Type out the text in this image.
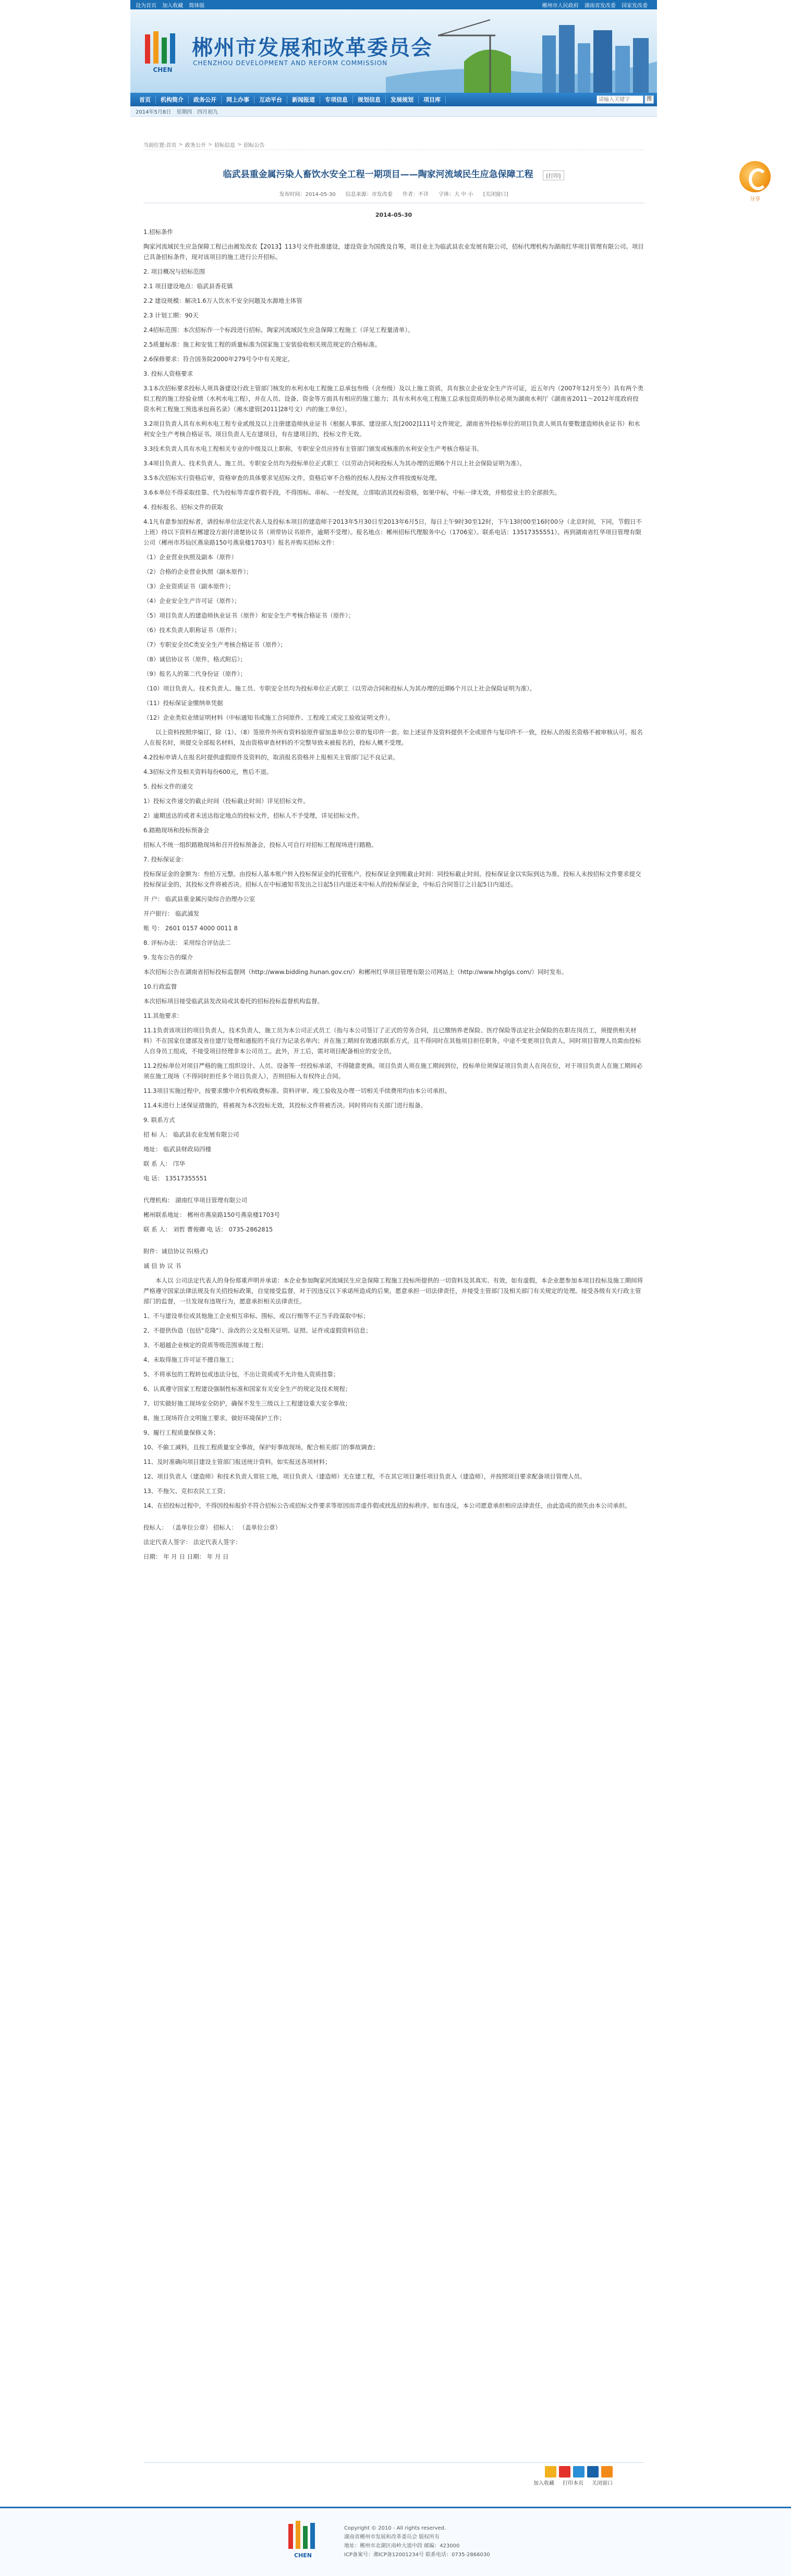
设为首页 加入收藏 简体版	郴州市人民政府 湖南省发改委 国家发改委
CHEN
郴州市发展和改革委员会
CHENZHOU DEVELOPMENT AND REFORM COMMISSION
首页	机构简介	政务公开	网上办事	互动平台	新闻报道	专项信息	规划信息	发展规划	项目库
请输入关键字	搜
2014年5月8日 星期四 四月初九
当前位置: 首页 > 政务公开 > 招标信息 > 招标公告
临武县重金属污染人畜饮水安全工程一期项目——陶家河流域民生应急保障工程 [打印]
发布时间：2014-05-30 信息来源：市发改委 作者：不详 字体：大 中 小 [关闭窗口]
2014-05-30

1.招标条件

陶家河流域民生应急保障工程已由湘发改农【2013】113号文件批准建设，建设资金为国拨及自筹，项目业主为临武县农业发展有限公司，招标代理机构为湖南红华项目管理有限公司。项目已具备招标条件，现对该项目的施工进行公开招标。

2. 项目概况与招标范围

2.1 项目建设地点：临武县香花镇

2.2 建设规模：解决1.6万人饮水不安全问题及水源地主体管

2.3 计划工期：90天

2.4招标范围：本次招标作一个标段进行招标，陶家河流域民生应急保障工程施工（详见工程量清单）。

2.5质量标准：施工和安装工程的质量标准为国家施工安装验收相关规范规定的合格标准。

2.6保修要求：符合国务院2000年279号令中有关规定。

3. 投标人资格要求

3.1本次招标要求投标人须具备建设行政主管部门核发的水利水电工程施工总承包叁级（含叁级）及以上施工资质，具有独立企业安全生产许可证，近五年内（2007年12月至今）具有两个类似工程的施工经验业绩（水利水电工程），并在人员、设备、资金等方面具有相应的施工能力；具有水利水电工程施工总承包资质的单位必须为湖南水利厅《湖南省2011～2012年度政府投资水利工程施工预选承包商名录》（湘水建管[2011]28号文）内的施工单位）。

3.2项目负责人具有水利水电工程专业贰级及以上注册建造师执业证书（根据人事部、建设部人发[2002]111号文件规定，湖南省外投标单位的项目负责人须具有要数建造师执业证书）和水利安全生产考核合格证书。项目负责人无在建项目，有在建项目的，投标文件无效。

3.3技术负责人具有水电工程相关专业的中级及以上职称，专职安全员应持有主管部门颁发或核准的水利安全生产考核合格证书。

3.4项目负责人、技术负责人、施工员、专职安全员均为投标单位正式职工（以劳动合同和投标人为其办理的近期6个月以上社会保险证明为准）。

3.5本次招标实行资格后审，资格审查的具体要求见招标文件。资格后审不合格的投标人投标文件将按废标处理。

3.6本单位不得采取挂靠、代为投标等弄虚作假手段，不得围标、串标、一经发现，立即取消其投标资格，如果中标，中标一律无效，并赔偿业主的全部损失。

4. 投标报名、招标文件的获取

4.1凡有意参加投标者，请投标单位法定代表人及投标本项目的建造师于2013年5月30日至2013年6月5日，每日上午9时30至12时，下午13时00至16时00分（北京时间，下同，节假日不上班）持以下资料在郴建设方面付清楚协议书（须带协议书原件，逾期不受理）。报名地点：郴州招标代理服务中心（1706室）。联系电话：13517355551）。再到湖南省红华项目管理有限公司（郴州市苏仙区燕泉路150号燕泉楼1703号）报名并购买招标文件：

（1）企业营业执照及副本（原件）

（2）合格的企业营业执照（副本原件）；

（3）企业资质证书（副本原件）；

（4）企业安全生产许可证（原件）；

（5）项目负责人的建造师执业证书（原件）和安全生产考核合格证书（原件）；

（6）技术负责人职称证书（原件）；

（7）专职安全员C类安全生产考核合格证书（原件）；

（8）诚信协议书（原件，格式附后）；

（9）报名人的第二代身份证（原件）；

（10）项目负责人、技术负责人、施工员、专职安全员均为投标单位正式职工（以劳动合同和投标人为其办理的近期6个月以上社会保险证明为准）。

（11）投标保证金缴纳单凭据

（12）企业类似业绩证明材料（中标通知书或施工合同原件、工程竣工或完工验收证明文件）。

以上资料按照序编订，除（1）、（8）签原件外所有资料验原件留加盖单位公章的复印件一套。如上述证件及资料提供不全或原件与复印件不一致，投标人的报名资格不被审核认可。报名人在报名时，须提交全部报名材料，及由资格审查材料的不完整导致未被报名的，投标人概不受理。

4.2投标申请人在报名时提供虚假原件及资料的，取消报名资格并上报相关主管部门记不良记录。

4.3招标文件及相关资料每份600元，售后不退。

5. 投标文件的递交

1）投标文件递交的截止时间（投标截止时间）详见招标文件。

2）逾期送达的或者未送达指定地点的投标文件，招标人不予受理，详见招标文件。

6.踏勘现场和投标预备会

招标人不统一组织踏勘现场和召开投标预备会，投标人可自行对招标工程现场进行踏勘。

7. 投标保证金：

投标保证金的金额为：叁拾万元整。由投标人基本账户转入投标保证金的托管账户。投标保证金到账截止时间：同投标截止时间。投标保证金以实际到达为准。投标人未按招标文件要求提交投标保证金的，其投标文件将被否决。招标人在中标通知书发出之日起5日内退还未中标人的投标保证金，中标后合同签订之日起5日内退还。

开 户： 临武县重金属污染综合治理办公室

开户银行： 临武浦发

账 号： 2601 0157 4000 0011 8

8. 评标办法： 采用综合评估法二

9. 发布公告的媒介

本次招标公告在湖南省招标投标监督网（http://www.bidding.hunan.gov.cn/）和郴州红华项目管理有限公司网站上（http://www.hhglgs.com/）同时发布。

10.行政监督

本次招标项目接受临武县发改局或其委托的招标投标监督机构监督。

11.其他要求：

11.1负责该项目的项目负责人，技术负责人，施工员为本公司正式员工（指与本公司签订了正式的劳务合同，且已缴纳养老保险、医疗保险等法定社会保险的在职在岗员工，须提供相关材料）不在国家住建部及省住建厅处理和通报的不良行为记录名单内；并在施工期间有效通讯联系方式，且不得同时在其他项目担任职务。中途不变更项目负责人，同时项目管理人员需由投标人自身员工组成，不接受项目经理非本公司员工。此外，开工后，需对项目配备相应的安全员。

11.2投标单位对项目严格的施工组织设计、人员、设备等一经投标承诺，不得随意更换。项目负责人须在施工期间到位，投标单位须保证项目负责人在岗在位，对于项目负责人在施工期间必须在施工现场（不得同时担任多个项目负责人），否则招标人有权终止合同。

11.3项目实施过程中，按要求缴中介机构收费标准、资料评审、竣工验收及办理一切相关手续费用均由本公司承担。

11.4未进行上述保证措施的，将被视为本次投标无效，其投标文件将被否决。同时将向有关部门进行报备。

9. 联系方式

招 标 人： 临武县农业发展有限公司

地址： 临武县财政局四楼

联 系 人： 邝华

电 话： 13517355551

代理机构： 湖南红华项目管理有限公司

郴州联系地址： 郴州市燕泉路150号燕泉楼1703号

联 系 人： 刘哲 曹俊卿 电 话： 0735-2862815

附件：诚信协议书(格式)

诚 信 协 议 书

本人以 公司法定代表人的身份郑重声明并承诺：本企业参加陶家河流域民生应急保障工程施工投标所提供的一切资料及其真实、有效，如有虚假，本企业愿参加本项目投标及施工期间将严格遵守国家法律法规及有关招投标政策，自觉接受监督，对于因违反以下承诺所造成的后果，愿意承担一切法律责任，并接受主管部门及相关部门有关规定的处理。接受各级有关行政主管部门的监督，一旦发现有违规行为，愿意承担相关法律责任。

1、不与建设单位或其他施工企业相互串标、围标，或以行贿等不正当手段谋取中标；

2、不提供伪造（包括"克隆"）、涂改的公文及相关证明、证照、证件或虚假资料信息；

3、不超越企业核定的资质等级范围承接工程；

4、未取得施工许可证不擅自施工；

5、不将承包的工程转包或违法分包，不出让资质或不允许他人资质挂靠；

6、认真遵守国家工程建设强制性标准和国家有关安全生产的规定及技术规程；

7、切实做好施工现场安全防护，确保不发生三级以上工程建设重大安全事故；

8、施工现场符合文明施工要求，做好环境保护工作；

9、履行工程质量保修义务；

10、不偷工减料，且按工程质量安全事故，保护好事故现场，配合相关部门的事故调查；

11、及时准确向项目建设主管部门报送统计资料，如实报送各项材料；

12、项目负责人（建造师）和技术负责人常驻工地，项目负责人（建造师）无在建工程，不在其它项目兼任项目负责人（建造师），并按照项目要求配备项目管理人员。

13、不拖欠、克扣农民工工资；

14、在招投标过程中，不得因投标报价不符合招标公告或招标文件要求等原因而弄虚作假或扰乱招投标秩序。如有违反，本公司愿意承担相应法律责任，由此造成的损失由本公司承担。

投标人： （盖单位公章） 招标人： （盖单位公章）

法定代表人签字： 法定代表人签字：

日期： 年 月 日 日期： 年 月 日

加入收藏 打印本页 关闭窗口
CHEN
Copyright © 2010 - All rights reserved.
湖南省郴州市发展和改革委员会 版权所有
地址：郴州市北湖区南岭大道中段 邮编：423000
ICP备案号：湘ICP备12001234号 联系电话：0735-2866030
分享
